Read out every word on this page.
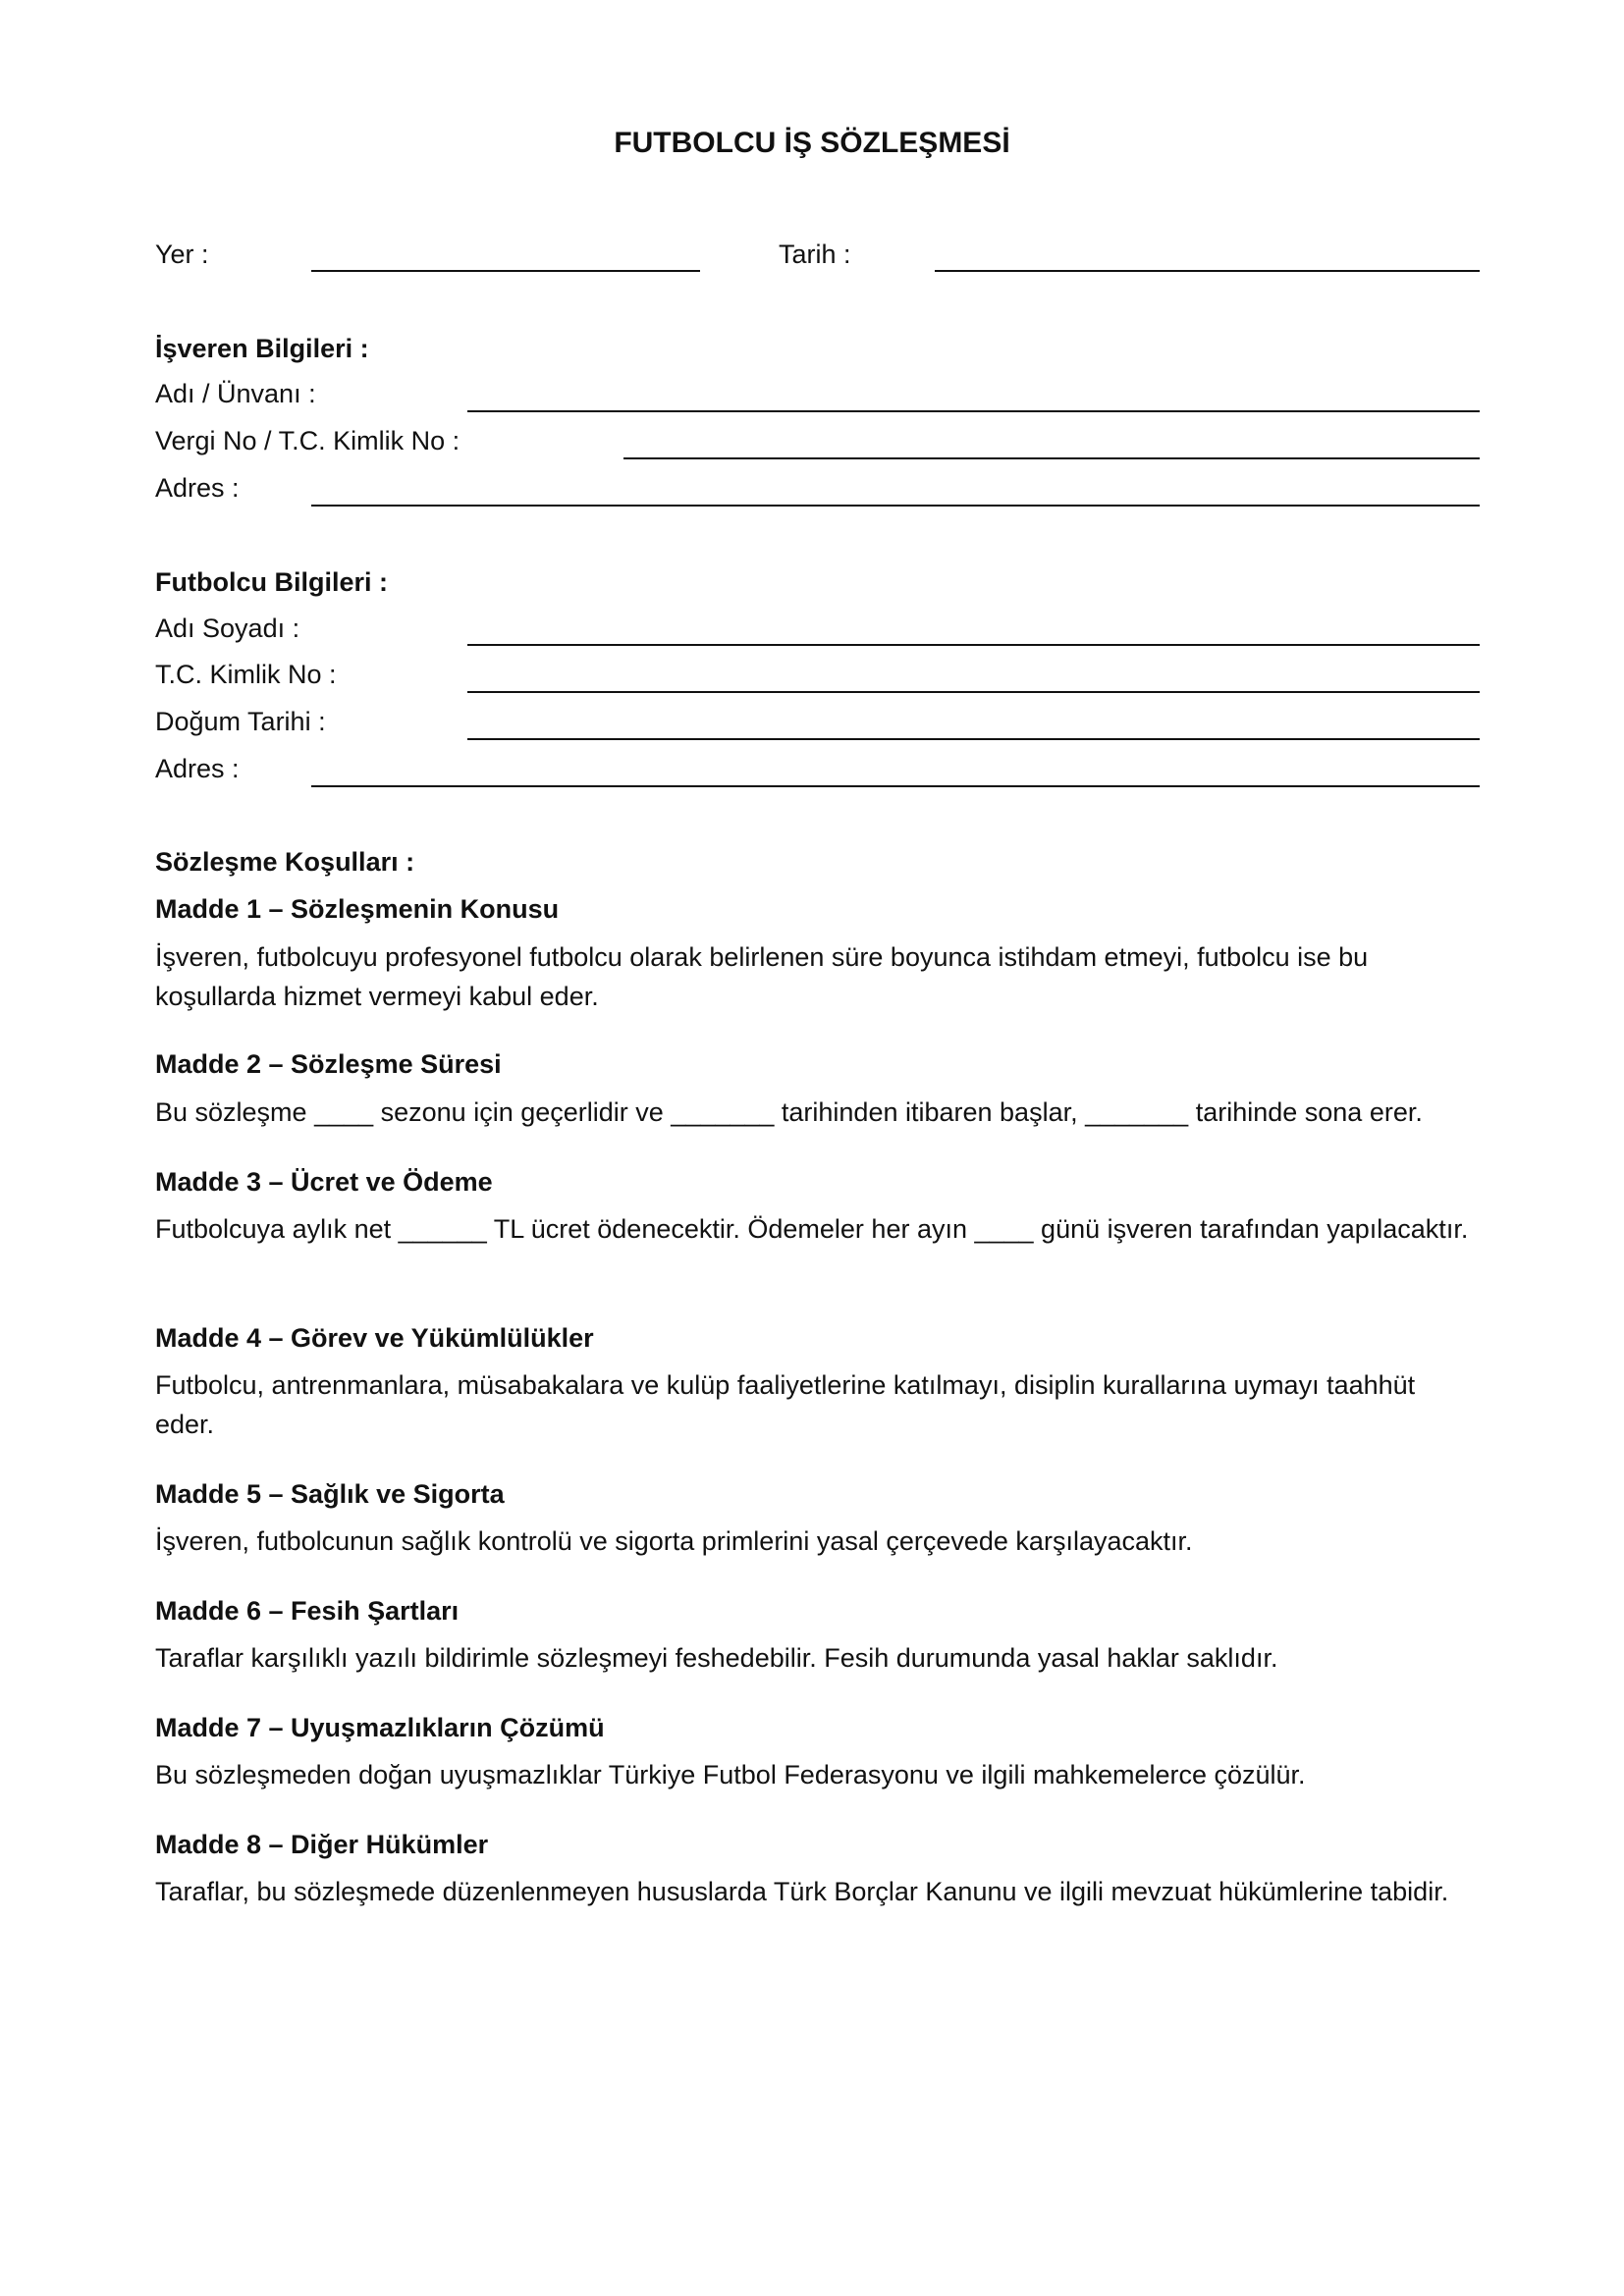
FUTBOLCU İŞ SÖZLEŞMESİ
Yer :	Tarih :
İşveren Bilgileri :
Adı / Ünvanı :
Vergi No / T.C. Kimlik No :
Adres :
Futbolcu Bilgileri :
Adı Soyadı :
T.C. Kimlik No :
Doğum Tarihi :
Adres :
Sözleşme Koşulları :
Madde 1 – Sözleşmenin Konusu
İşveren, futbolcuyu profesyonel futbolcu olarak belirlenen süre boyunca istihdam etmeyi, futbolcu ise bu koşullarda hizmet vermeyi kabul eder.
Madde 2 – Sözleşme Süresi
Bu sözleşme ____ sezonu için geçerlidir ve _______ tarihinden itibaren başlar, _______ tarihinde sona erer.
Madde 3 – Ücret ve Ödeme
Futbolcuya aylık net ______ TL ücret ödenecektir. Ödemeler her ayın ____ günü işveren tarafından yapılacaktır.
Madde 4 – Görev ve Yükümlülükler
Futbolcu, antrenmanlara, müsabakalara ve kulüp faaliyetlerine katılmayı, disiplin kurallarına uymayı taahhüt eder.
Madde 5 – Sağlık ve Sigorta
İşveren, futbolcunun sağlık kontrolü ve sigorta primlerini yasal çerçevede karşılayacaktır.
Madde 6 – Fesih Şartları
Taraflar karşılıklı yazılı bildirimle sözleşmeyi feshedebilir. Fesih durumunda yasal haklar saklıdır.
Madde 7 – Uyuşmazlıkların Çözümü
Bu sözleşmeden doğan uyuşmazlıklar Türkiye Futbol Federasyonu ve ilgili mahkemelerce çözülür.
Madde 8 – Diğer Hükümler
Taraflar, bu sözleşmede düzenlenmeyen hususlarda Türk Borçlar Kanunu ve ilgili mevzuat hükümlerine tabidir.
